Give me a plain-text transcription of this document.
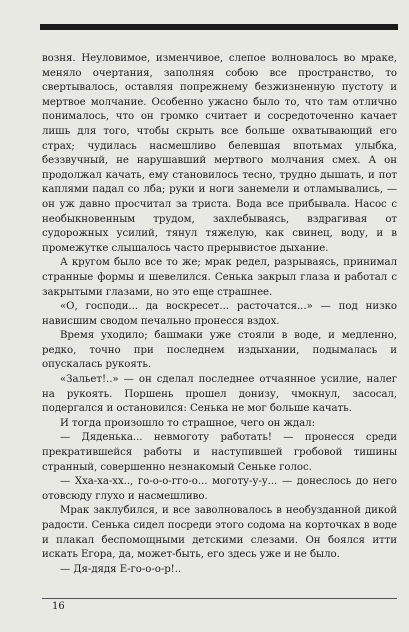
возня. Неуловимое, изменчивое, слепое волновалось во мраке, меняло очертания, заполняя собою все пространство, то свертывалось, оставляя попрежнему безжизненную пустоту и мертвое молчание. Особенно ужасно было то, что там отлично понималось, что он громко считает и сосредоточенно качает лишь для того, чтобы скрыть все больше охватывающий его страх; чудилась насмешливо белевшая впотьмах улыбка, беззвучный, не нарушавший мертвого молчания смех. А он продолжал качать, ему становилось тесно, трудно дышать, и пот каплями падал со лба; руки и ноги занемели и отламывались, — он уж давно просчитал за триста. Вода все прибывала. Насос с необыкновенным трудом, захлебываясь, вздрагивая от судорожных усилий, тянул тяжелую, как свинец, воду, и в промежутке слышалось часто прерывистое дыхание.

А кругом было все то же; мрак редел, разрываясь, принимал странные формы и шевелился. Сенька закрыл глаза и работал с закрытыми глазами, но это еще страшнее.

«О, господи... да воскресет... расточатся...» — под низко нависшим сводом печально пронесся вздох.

Время уходило; башмаки уже стояли в воде, и медленно, редко, точно при последнем издыхании, подымалась и опускалась рукоять.

«Зальет!..» — он сделал последнее отчаянное усилие, налег на рукоять. Поршень прошел донизу, чмокнул, засосал, подергался и остановился: Сенька не мог больше качать.

И тогда произошло то страшное, чего он ждал:

— Дяденька... невмоготу работать! — пронесся среди прекратившейся работы и наступившей гробовой тишины странный, совершенно незнакомый Сеньке голос.

— Хха-ха-хх.., го-о-о-гго-о... моготу-у-у... — донеслось до него отовсюду глухо и насмешливо.

Мрак заклубился, и все заволновалось в необузданной дикой радости. Сенька сидел посреди этого содома на корточках в воде и плакал беспомощными детскими слезами. Он боялся итти искать Егора, да, может-быть, его здесь уже и не было.

— Дя-дядя Е-го-о-о-р!..

16
